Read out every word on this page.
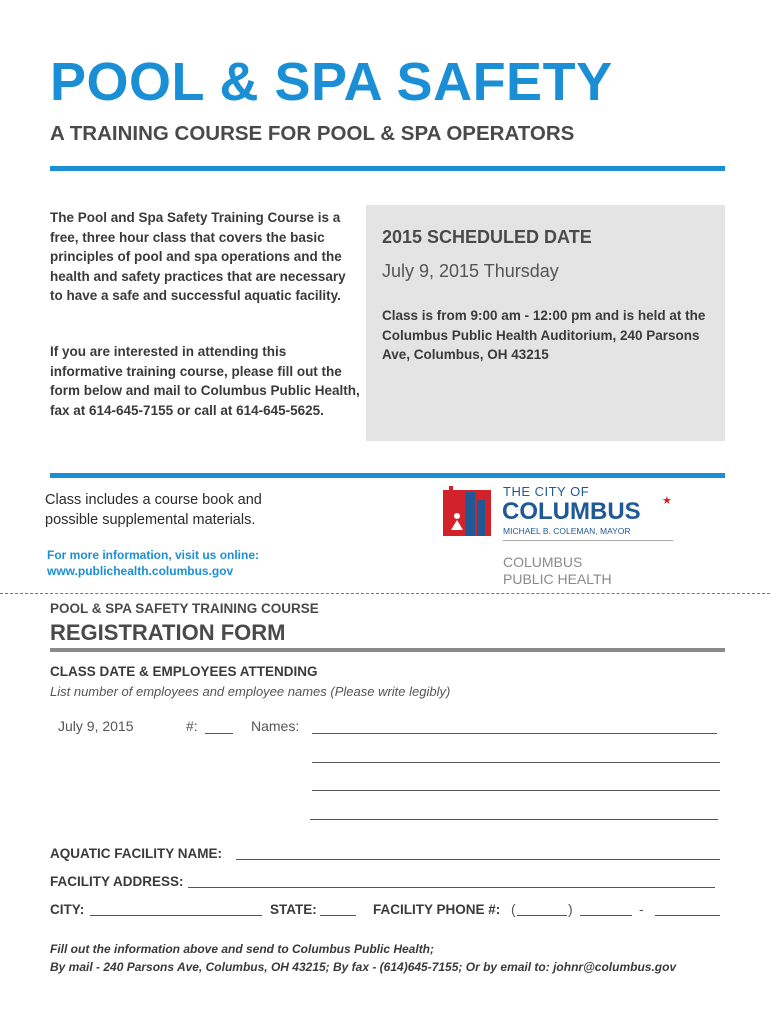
POOL & SPA SAFETY
A TRAINING COURSE FOR POOL & SPA OPERATORS

The Pool and Spa Safety Training Course is a free, three hour class that covers the basic principles of pool and spa operations and the health and safety practices that are necessary to have a safe and successful aquatic facility.

If you are interested in attending this informative training course, please fill out the form below and mail to Columbus Public Health, fax at 614-645-7155 or call at 614-645-5625.

2015 SCHEDULED DATE

July 9, 2015 Thursday

Class is from 9:00 am - 12:00 pm and is held at the Columbus Public Health Auditorium, 240 Parsons Ave, Columbus, OH 43215

Class includes a course book and possible supplemental materials.

For more information, visit us online:
www.publichealth.columbus.gov
THE CITY OF
COLUMBUS ★
MICHAEL B. COLEMAN, MAYOR
COLUMBUS
PUBLIC HEALTH

POOL & SPA SAFETY TRAINING COURSE

REGISTRATION FORM

CLASS DATE & EMPLOYEES ATTENDING

List number of employees and employee names (Please write legibly)

July 9, 2015	#:	Names:
AQUATIC FACILITY NAME:
FACILITY ADDRESS:
CITY:	STATE:	FACILITY PHONE #: (	)	-
Fill out the information above and send to Columbus Public Health;
By mail - 240 Parsons Ave, Columbus, OH 43215; By fax - (614)645-7155; Or by email to: johnr@columbus.gov
